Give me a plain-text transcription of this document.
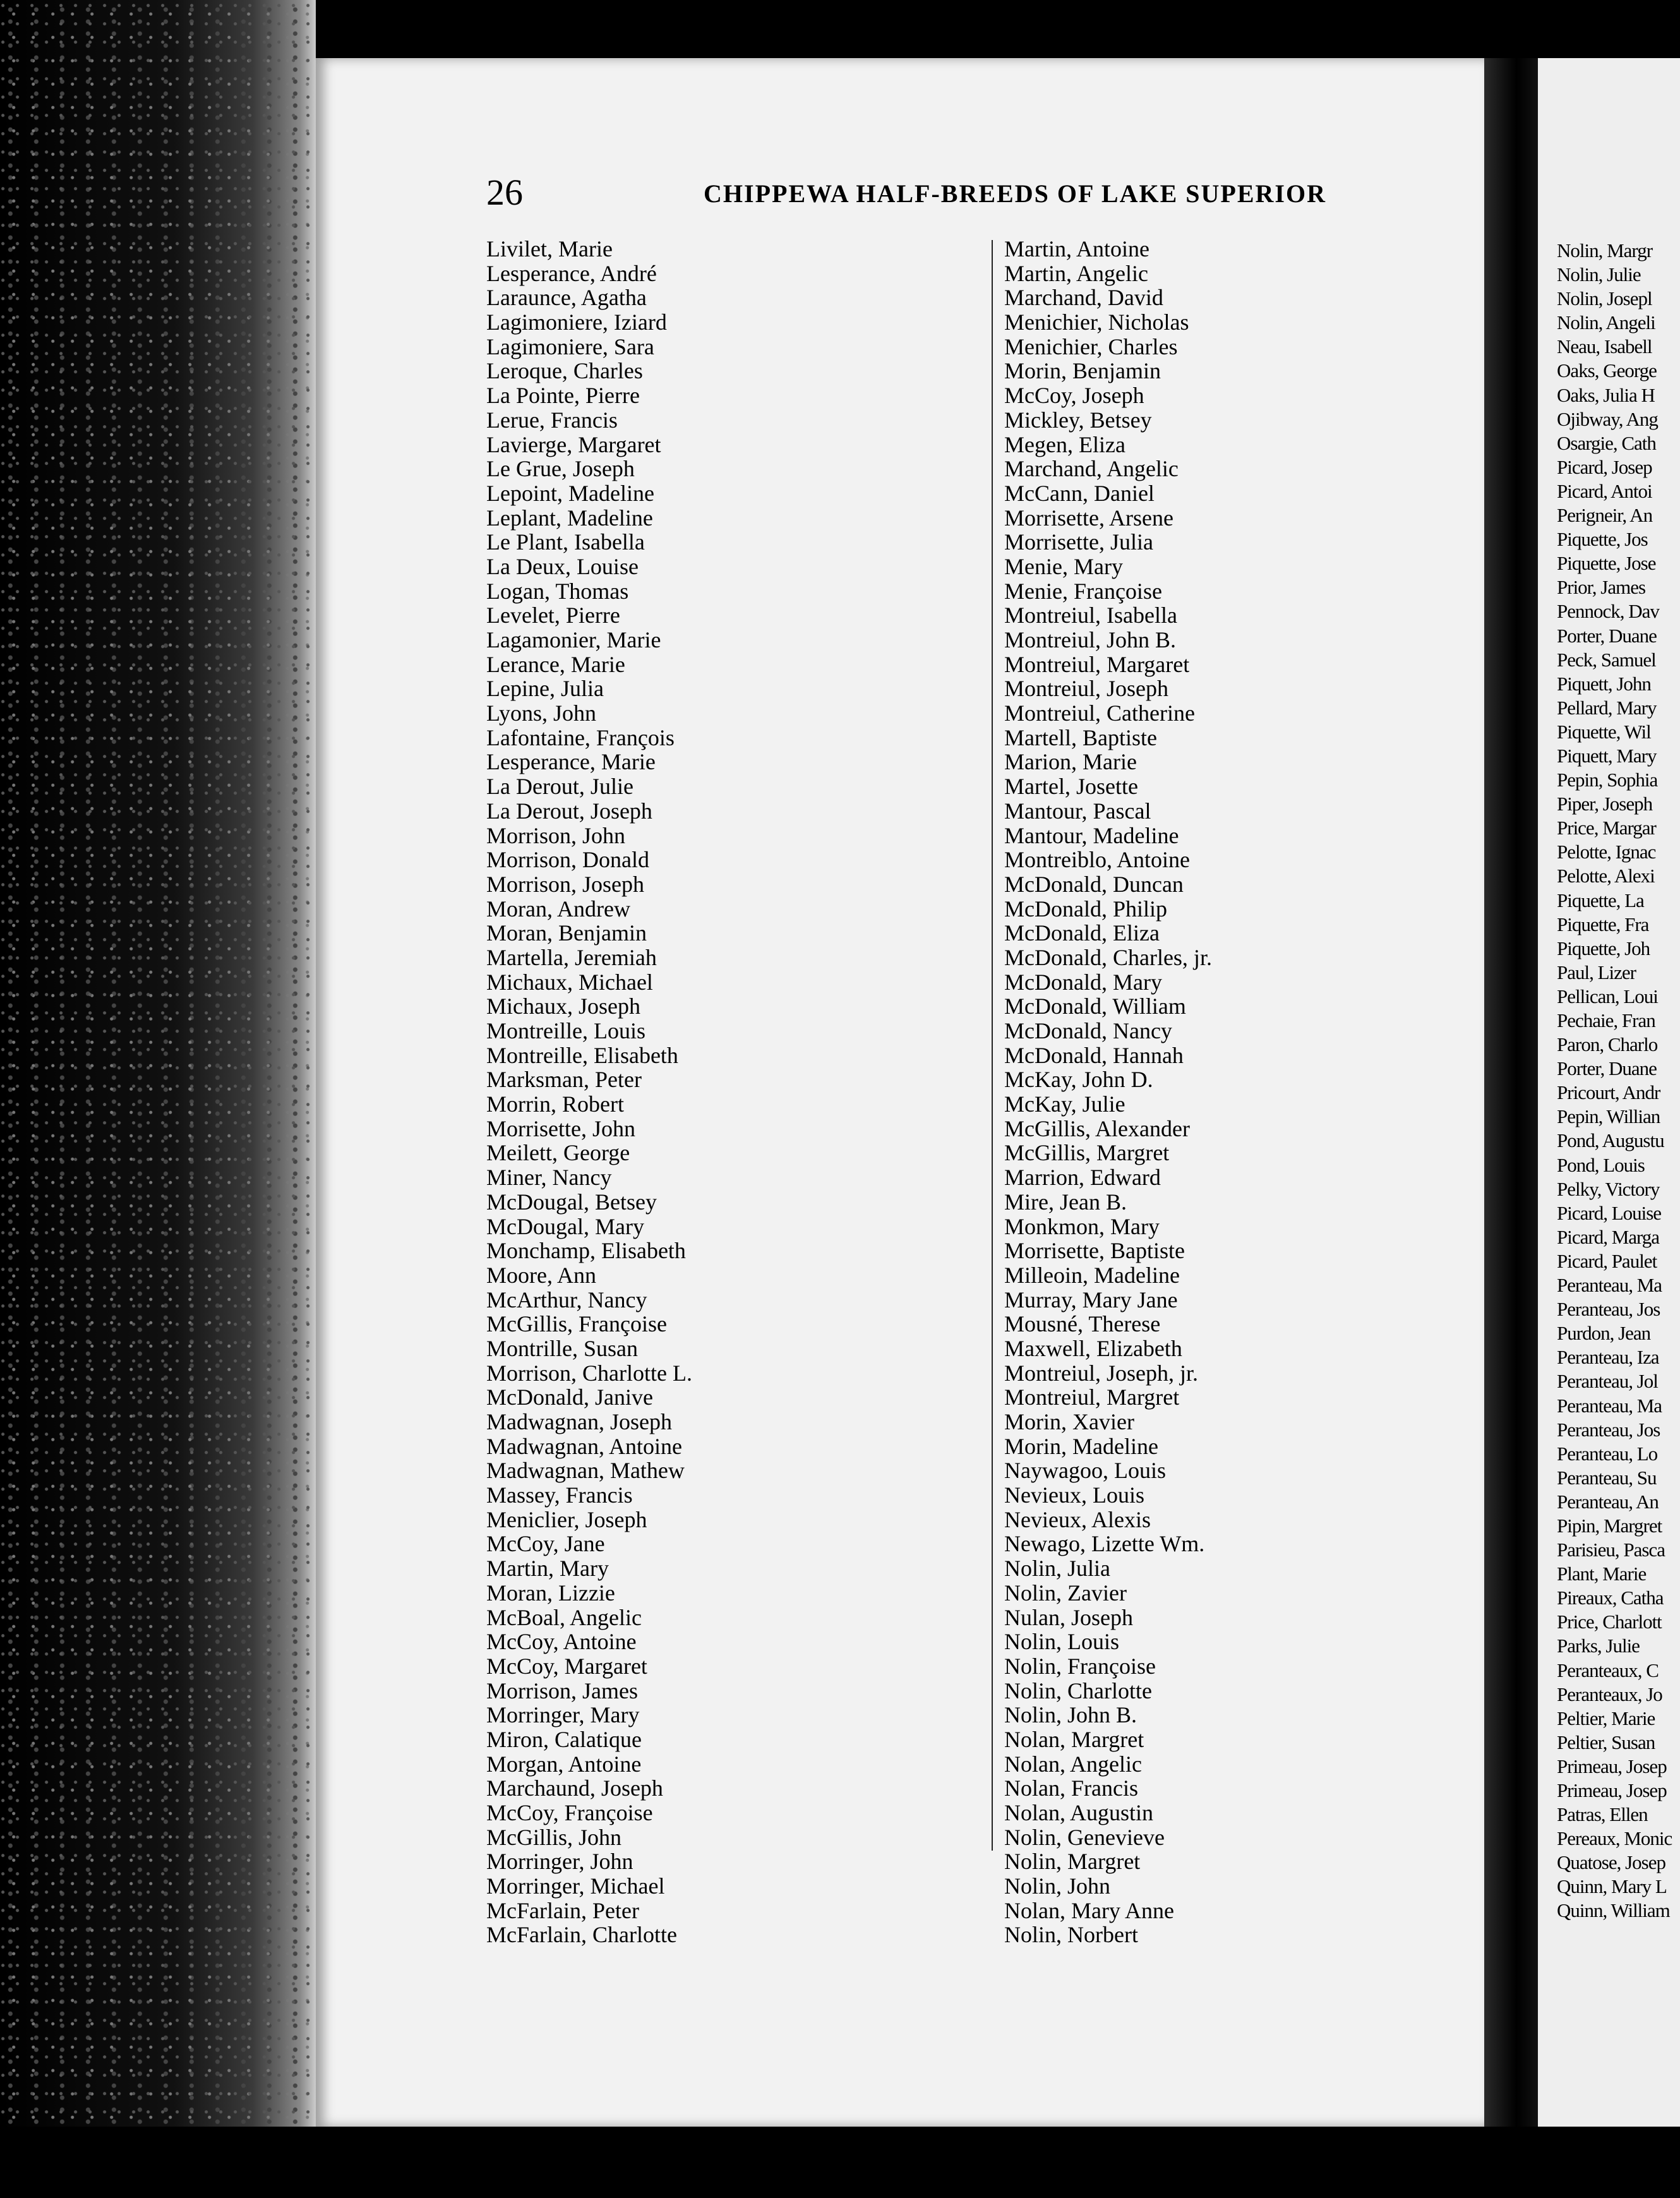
26	CHIPPEWA HALF-BREEDS OF LAKE SUPERIOR
Livilet, Marie
Lesperance, André
Laraunce, Agatha
Lagimoniere, Iziard
Lagimoniere, Sara
Leroque, Charles
La Pointe, Pierre
Lerue, Francis
Lavierge, Margaret
Le Grue, Joseph
Lepoint, Madeline
Leplant, Madeline
Le Plant, Isabella
La Deux, Louise
Logan, Thomas
Levelet, Pierre
Lagamonier, Marie
Lerance, Marie
Lepine, Julia
Lyons, John
Lafontaine, François
Lesperance, Marie
La Derout, Julie
La Derout, Joseph
Morrison, John
Morrison, Donald
Morrison, Joseph
Moran, Andrew
Moran, Benjamin
Martella, Jeremiah
Michaux, Michael
Michaux, Joseph
Montreille, Louis
Montreille, Elisabeth
Marksman, Peter
Morrin, Robert
Morrisette, John
Meilett, George
Miner, Nancy
McDougal, Betsey
McDougal, Mary
Monchamp, Elisabeth
Moore, Ann
McArthur, Nancy
McGillis, Françoise
Montrille, Susan
Morrison, Charlotte L.
McDonald, Janive
Madwagnan, Joseph
Madwagnan, Antoine
Madwagnan, Mathew
Massey, Francis
Meniclier, Joseph
McCoy, Jane
Martin, Mary
Moran, Lizzie
McBoal, Angelic
McCoy, Antoine
McCoy, Margaret
Morrison, James
Morringer, Mary
Miron, Calatique
Morgan, Antoine
Marchaund, Joseph
McCoy, Françoise
McGillis, John
Morringer, John
Morringer, Michael
McFarlain, Peter
McFarlain, Charlotte
Martin, Antoine
Martin, Angelic
Marchand, David
Menichier, Nicholas
Menichier, Charles
Morin, Benjamin
McCoy, Joseph
Mickley, Betsey
Megen, Eliza
Marchand, Angelic
McCann, Daniel
Morrisette, Arsene
Morrisette, Julia
Menie, Mary
Menie, Françoise
Montreiul, Isabella
Montreiul, John B.
Montreiul, Margaret
Montreiul, Joseph
Montreiul, Catherine
Martell, Baptiste
Marion, Marie
Martel, Josette
Mantour, Pascal
Mantour, Madeline
Montreiblo, Antoine
McDonald, Duncan
McDonald, Philip
McDonald, Eliza
McDonald, Charles, jr.
McDonald, Mary
McDonald, William
McDonald, Nancy
McDonald, Hannah
McKay, John D.
McKay, Julie
McGillis, Alexander
McGillis, Margret
Marrion, Edward
Mire, Jean B.
Monkmon, Mary
Morrisette, Baptiste
Milleoin, Madeline
Murray, Mary Jane
Mousné, Therese
Maxwell, Elizabeth
Montreiul, Joseph, jr.
Montreiul, Margret
Morin, Xavier
Morin, Madeline
Naywagoo, Louis
Nevieux, Louis
Nevieux, Alexis
Newago, Lizette Wm.
Nolin, Julia
Nolin, Zavier
Nulan, Joseph
Nolin, Louis
Nolin, Françoise
Nolin, Charlotte
Nolin, John B.
Nolan, Margret
Nolan, Angelic
Nolan, Francis
Nolan, Augustin
Nolin, Genevieve
Nolin, Margret
Nolin, John
Nolan, Mary Anne
Nolin, Norbert
Nolin, Margr
Nolin, Julie
Nolin, Josepl
Nolin, Angeli
Neau, Isabell
Oaks, George
Oaks, Julia H
Ojibway, Ang
Osargie, Cath
Picard, Josep
Picard, Antoi
Perigneir, An
Piquette, Jos
Piquette, Jose
Prior, James
Pennock, Dav
Porter, Duane
Peck, Samuel
Piquett, John
Pellard, Mary
Piquette, Wil
Piquett, Mary
Pepin, Sophia
Piper, Joseph
Price, Margar
Pelotte, Ignac
Pelotte, Alexi
Piquette, La
Piquette, Fra
Piquette, Joh
Paul, Lizer
Pellican, Loui
Pechaie, Fran
Paron, Charlo
Porter, Duane
Pricourt, Andr
Pepin, Willian
Pond, Augustu
Pond, Louis
Pelky, Victory
Picard, Louise
Picard, Marga
Picard, Paulet
Peranteau, Ma
Peranteau, Jos
Purdon, Jean
Peranteau, Iza
Peranteau, Jol
Peranteau, Ma
Peranteau, Jos
Peranteau, Lo
Peranteau, Su
Peranteau, An
Pipin, Margret
Parisieu, Pasca
Plant, Marie
Pireaux, Catha
Price, Charlott
Parks, Julie
Peranteaux, C
Peranteaux, Jo
Peltier, Marie
Peltier, Susan
Primeau, Josep
Primeau, Josep
Patras, Ellen
Pereaux, Monic
Quatose, Josep
Quinn, Mary L
Quinn, William
